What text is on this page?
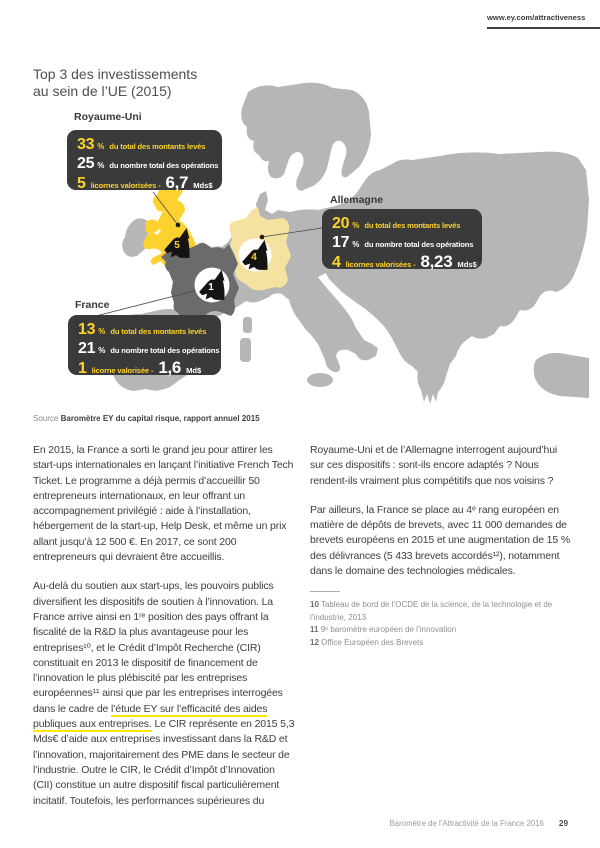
www.ey.com/attractiveness
Top 3 des investissements
au sein de l’UE (2015)
5
4
1
Royaume-Uni
33 % du total des montants levés
25 % du nombre total des opérations
5 licornes valorisées - 6,7 Mds$
Allemagne
20 % du total des montants levés
17 % du nombre total des opérations
4 licornes valorisées - 8,23 Mds$
France
13 % du total des montants levés
21 % du nombre total des opérations
1 licorne valorisée - 1,6 Md$
Source Baromètre EY du capital risque, rapport annuel 2015

En 2015, la France a sorti le grand jeu pour attirer les start-ups internationales en lançant l’initiative French Tech Ticket. Le programme a déjà permis d’accueillir 50 entrepreneurs internationaux, en leur offrant un accompagnement privilégié : aide à l’installation, hébergement de la start-up, Help Desk, et même un prix allant jusqu’à 12 500 €. En 2017, ce sont 200 entrepreneurs qui devraient être accueillis.

Au-delà du soutien aux start-ups, les pouvoirs publics diversifient les dispositifs de soutien à l’innovation. La France arrive ainsi en 1ʳᵉ position des pays offrant la fiscalité de la R&D la plus avantageuse pour les entreprises¹⁰, et le Crédit d’Impôt Recherche (CIR) constituait en 2013 le dispositif de financement de l’innovation le plus plébiscité par les entreprises européennes¹¹ ainsi que par les entreprises interrogées dans le cadre de l’étude EY sur l’efficacité des aides publiques aux entreprises. Le CIR représente en 2015 5,3 Mds€ d’aide aux entreprises investissant dans la R&D et l’innovation, majoritairement des PME dans le secteur de l’industrie. Outre le CIR, le Crédit d’Impôt d’Innovation (CII) constitue un autre dispositif fiscal particulièrement incitatif. Toutefois, les performances supérieures du

Royaume-Uni et de l’Allemagne interrogent aujourd’hui sur ces dispositifs : sont-ils encore adaptés ? Nous rendent-ils vraiment plus compétitifs que nos voisins ?

Par ailleurs, la France se place au 4ᵉ rang européen en matière de dépôts de brevets, avec 11 000 demandes de brevets européens en 2015 et une augmentation de 15 % des délivrances (5 433 brevets accordés¹²), notamment dans le domaine des technologies médicales.

10 Tableau de bord de l’OCDE de la science, de la technologie et de l’industrie, 2013
11 9ᵉ baromètre européen de l’innovation
12 Office Européen des Brevets
Baromètre de l’Attractivité de la France 2016 29
